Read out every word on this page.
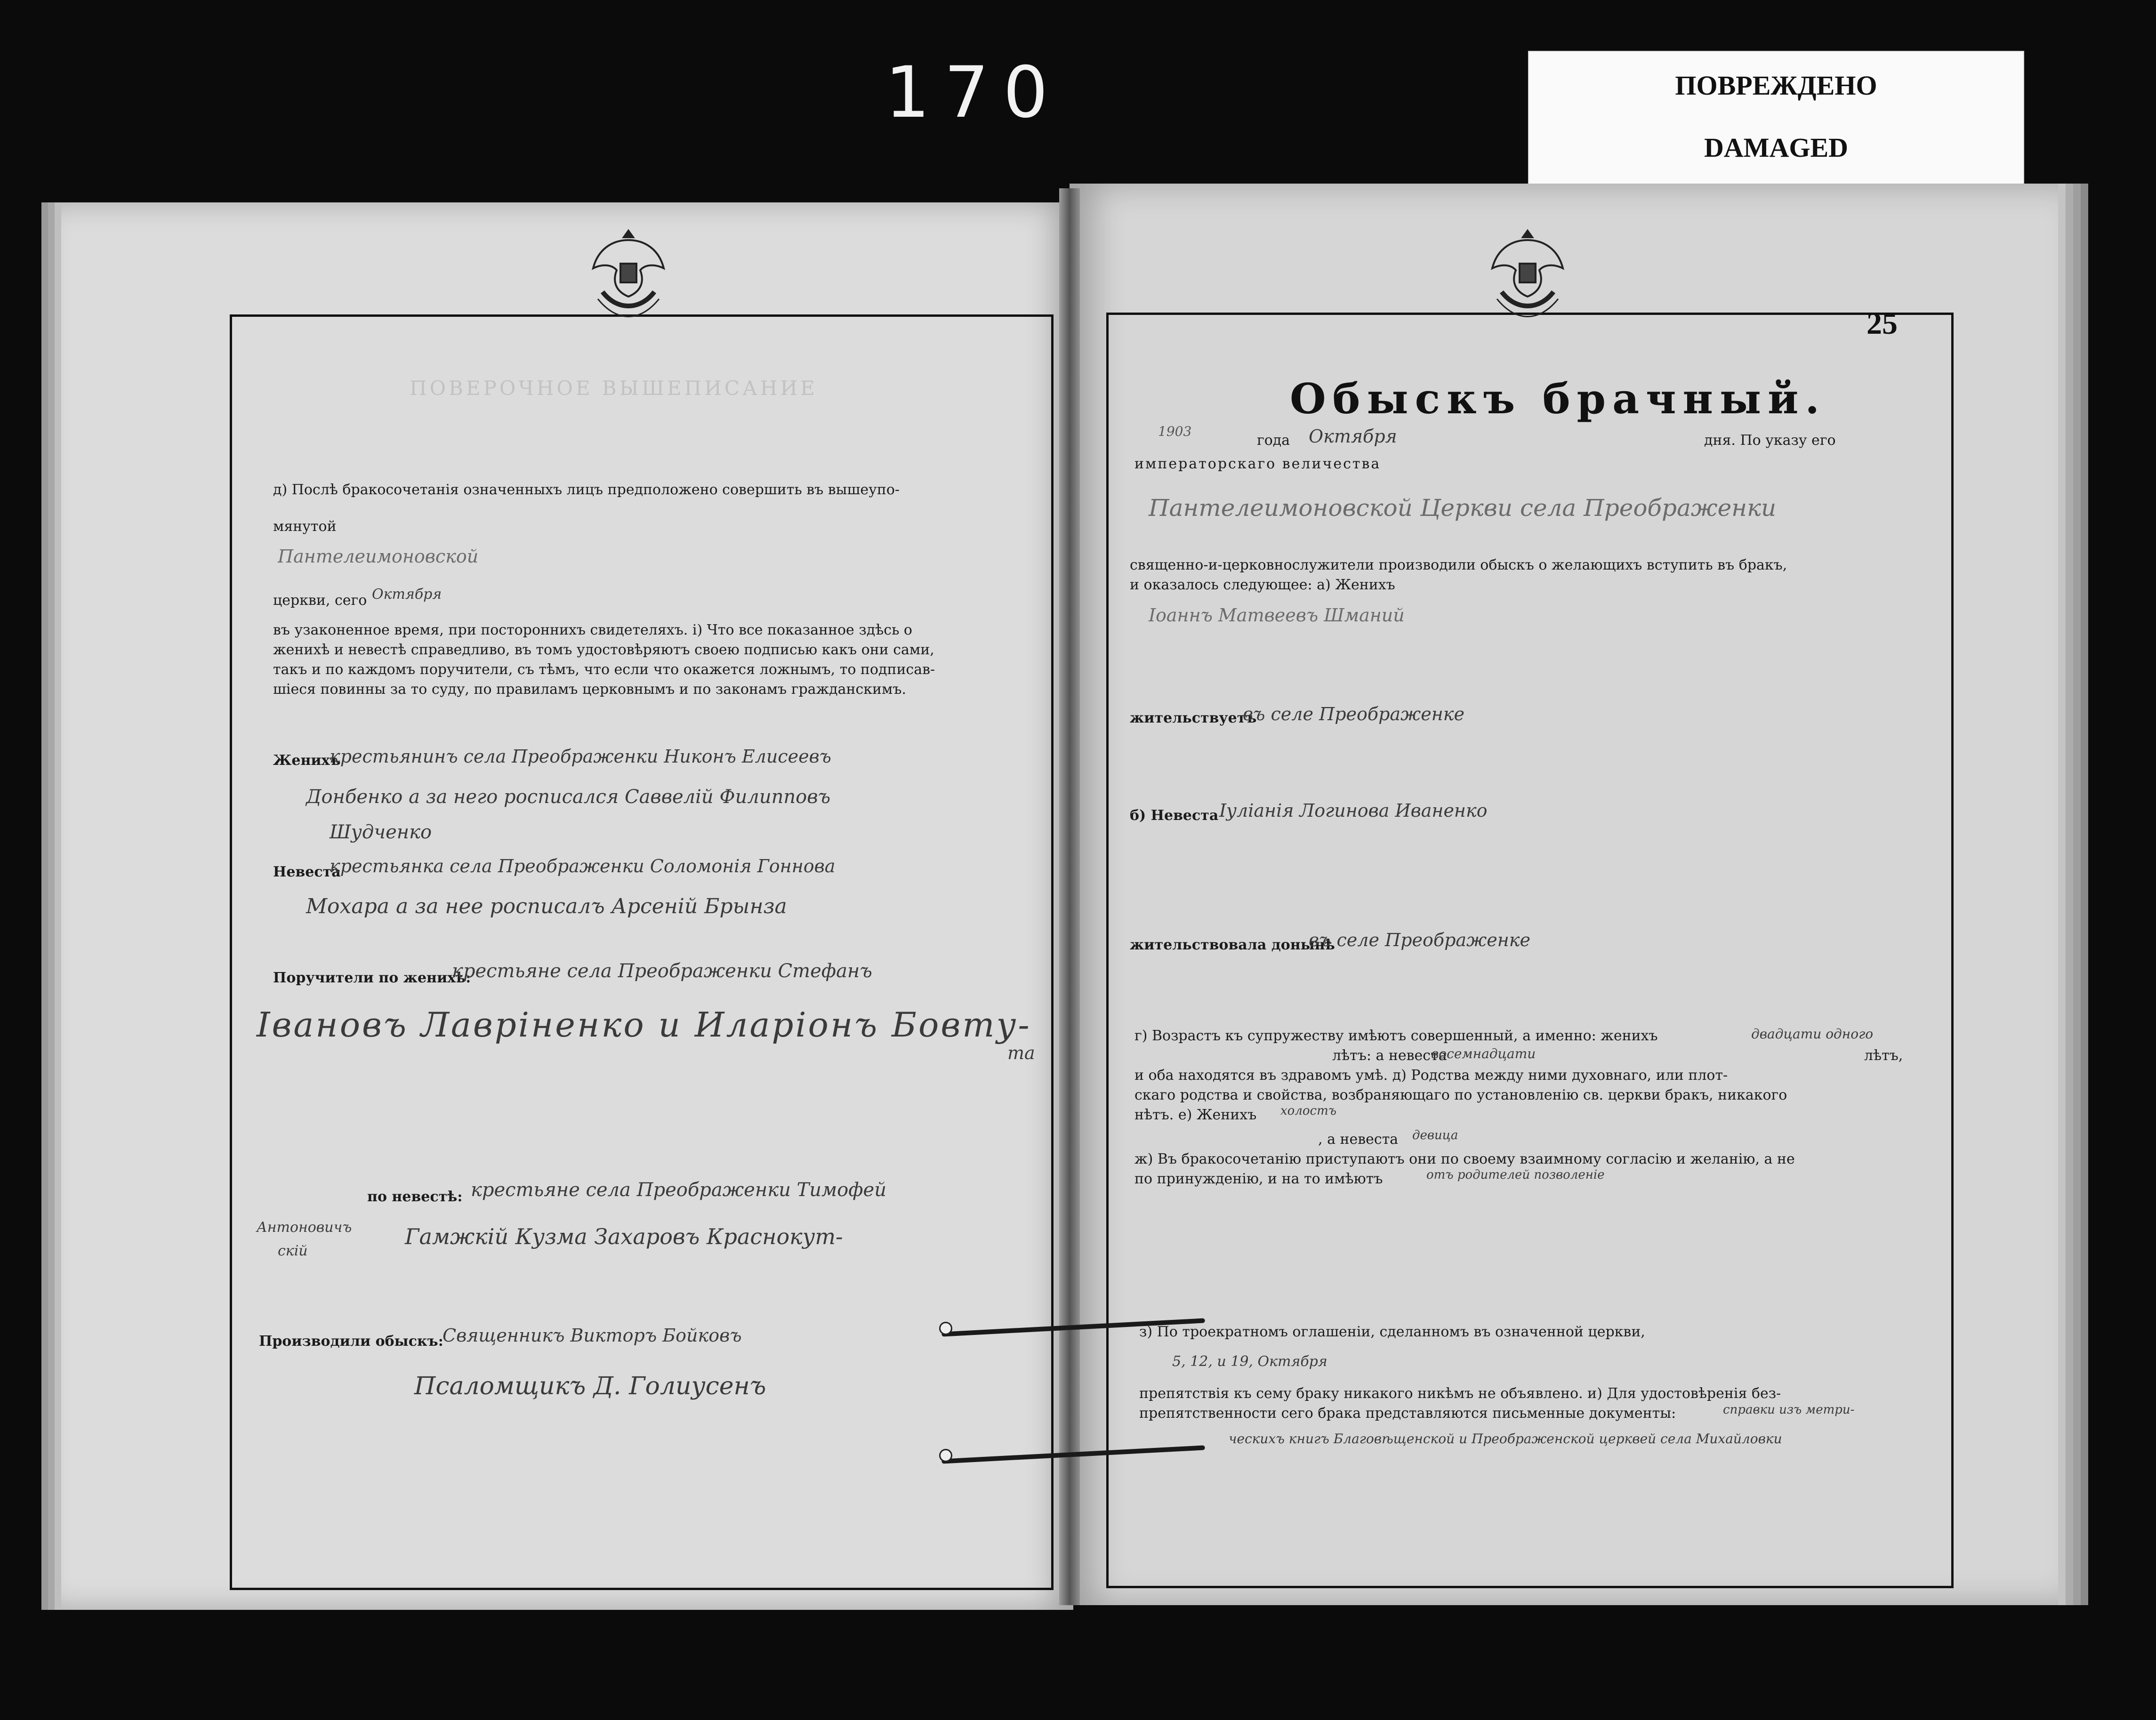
170	ПОВРЕЖДЕНО
DAMAGED
25
Обыскъ брачный.
1903
года Октября	дня. По указу его
императорскаго величества
Пантелеимоновской Церкви села Преображенки
священно-и-церковнослужители производили обыскъ о желающихъ вступить въ бракъ,
и оказалось следующее: а) Женихъ
Іоаннъ Матвеевъ Шманий
жительствуетъ
въ селе Преображенке
б) Невеста Іуліанія Логинова Иваненко
жительствовала донынѣ
въ селе Преображенке
г) Возрастъ къ супружеству имѣютъ совершенный, а именно: женихъ	двадцати одного
лѣтъ: а невеста
восемнадцати	лѣтъ,
и оба находятся въ здравомъ умѣ. д) Родства между ними духовнаго, или плот-
скаго родства и свойства, возбраняющаго по установленію св. церкви бракъ, никакого
нѣтъ. е) Женихъ холостъ
, а невеста девица
ж) Въ бракосочетанію приступаютъ они по своему взаимному согласію и желанію, а не
по принужденію, и на то имѣютъ	отъ родителей позволеніе
з) По троекратномъ оглашеніи, сделанномъ въ означенной церкви,
5, 12, и 19, Октября
препятствія къ сему браку никакого никѣмъ не объявлено. и) Для удостовѣренія без-
препятственности сего брака представляются письменные документы:	справки изъ метри-
ческихъ книгъ Благовѣщенской и Преображенской церквей села Михайловки
ПОВЕРОЧНОЕ ВЫШЕПИСАНИЕ
д) Послѣ бракосочетанія означенныхъ лицъ предположено совершить въ вышеупо-
мянутой
Пантелеимоновской
церкви, сего Октября
въ узаконенное время, при постороннихъ свидетеляхъ. і) Что все показанное здѣсь о
женихѣ и невестѣ справедливо, въ томъ удостовѣряютъ своею подписью какъ они сами,
такъ и по каждомъ поручители, съ тѣмъ, что если что окажется ложнымъ, то подписав-
шіеся повинны за то суду, по правиламъ церковнымъ и по законамъ гражданскимъ.
Женихъ
крестьянинъ села Преображенки Никонъ Елисеевъ
Донбенко а за него росписался Саввелій Филипповъ
Шудченко
Невеста
крестьянка села Преображенки Соломонія Гоннова
Мохара а за нее росписалъ Арсеній Брынза
Поручители по женихѣ:
крестьяне села Преображенки Стефанъ
Івановъ Лавріненко и Иларіонъ Бовту-
та
по невестѣ: крестьяне села Преображенки Тимофей
Антоновичъ Гамжкій Кузма Захаровъ Краснокут-
скій
Производили обыскъ:
Священникъ Викторъ Бойковъ
Псаломщикъ Д. Голиусенъ
